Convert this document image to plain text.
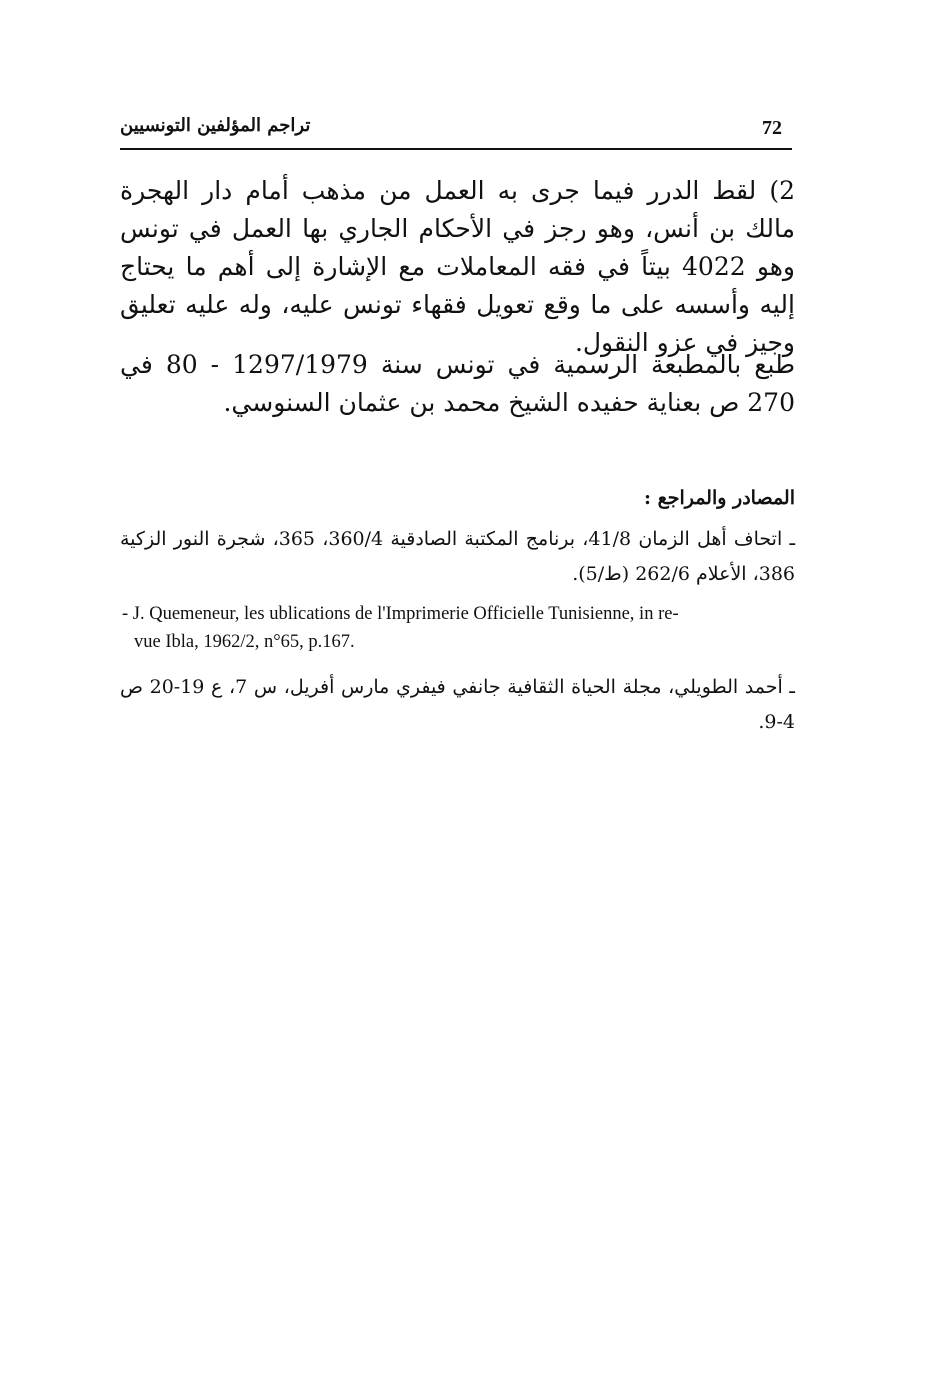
72
تراجم المؤلفين التونسيين
2) لقط الدرر فيما جرى به العمل من مذهب أمام دار الهجرة مالك بن أنس، وهو رجز في الأحكام الجاري بها العمل في تونس وهو 4022 بيتاً في فقه المعاملات مع الإشارة إلى أهم ما يحتاج إليه وأسسه على ما وقع تعويل فقهاء تونس عليه، وله عليه تعليق وجيز في عزو النقول.
طبع بالمطبعة الرسمية في تونس سنة 1297/1979 - 80 في 270 ص بعناية حفيده الشيخ محمد بن عثمان السنوسي.
المصادر والمراجع :
ـ اتحاف أهل الزمان 41/8، برنامج المكتبة الصادقية 360/4، 365، شجرة النور الزكية 386، الأعلام 262/6 (ط/5).
- J. Quemeneur, les ublications de l'Imprimerie Officielle Tunisienne, in re-
vue Ibla, 1962/2, n°65, p.167.
ـ أحمد الطويلي، مجلة الحياة الثقافية جانفي فيفري مارس أفريل، س 7، ع 19-20 ص 4-9.
